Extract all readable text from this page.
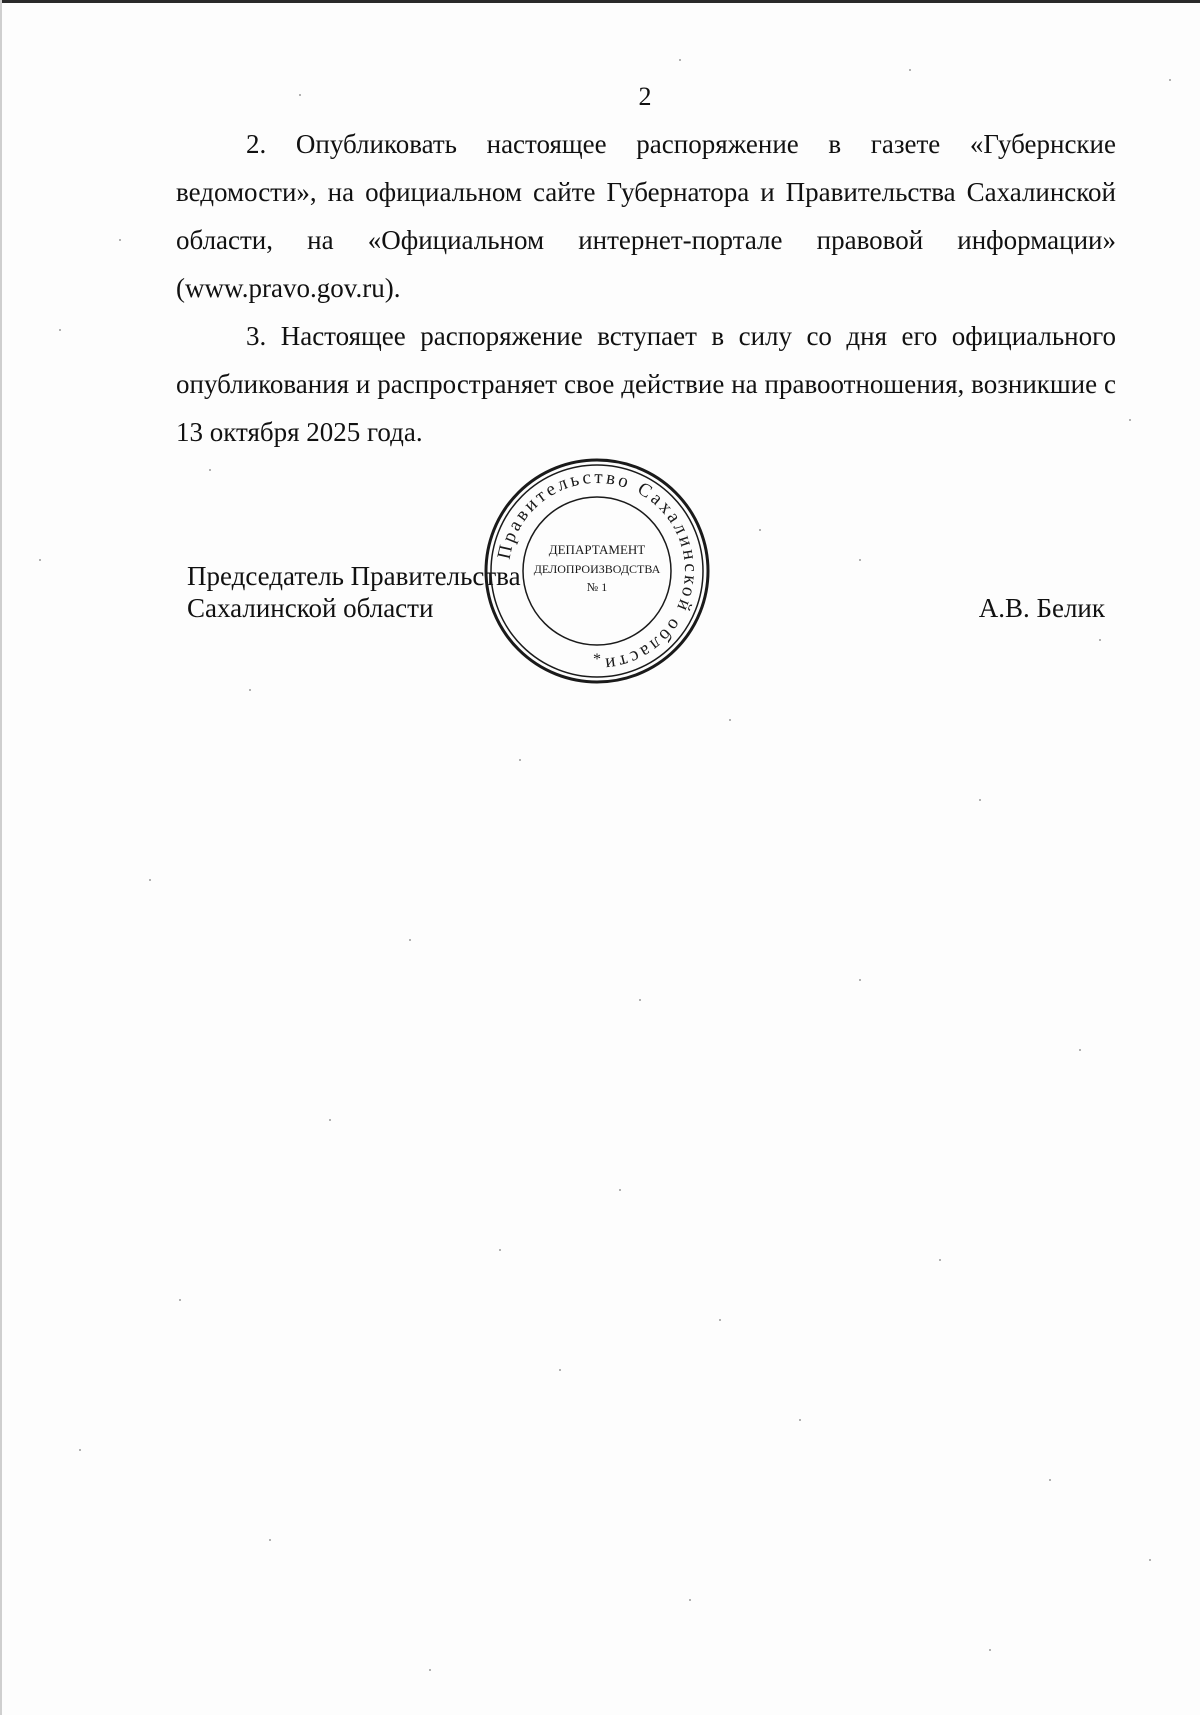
2

2. Опубликовать настоящее распоряжение в газете «Губернские ведомости», на официальном сайте Губернатора и Правительства Сахалинской области, на «Официальном интернет-портале правовой информации» (www.pravo.gov.ru).

3. Настоящее распоряжение вступает в силу со дня его официального опубликования и распространяет свое действие на правоотношения, возникшие с 13 октября 2025 года.

Председатель Правительства
Сахалинской области	А.В. Белик
Правительство Сахалинской области
ДЕПАРТАМЕНТ
ДЕЛОПРОИЗВОДСТВА
№ 1
*
